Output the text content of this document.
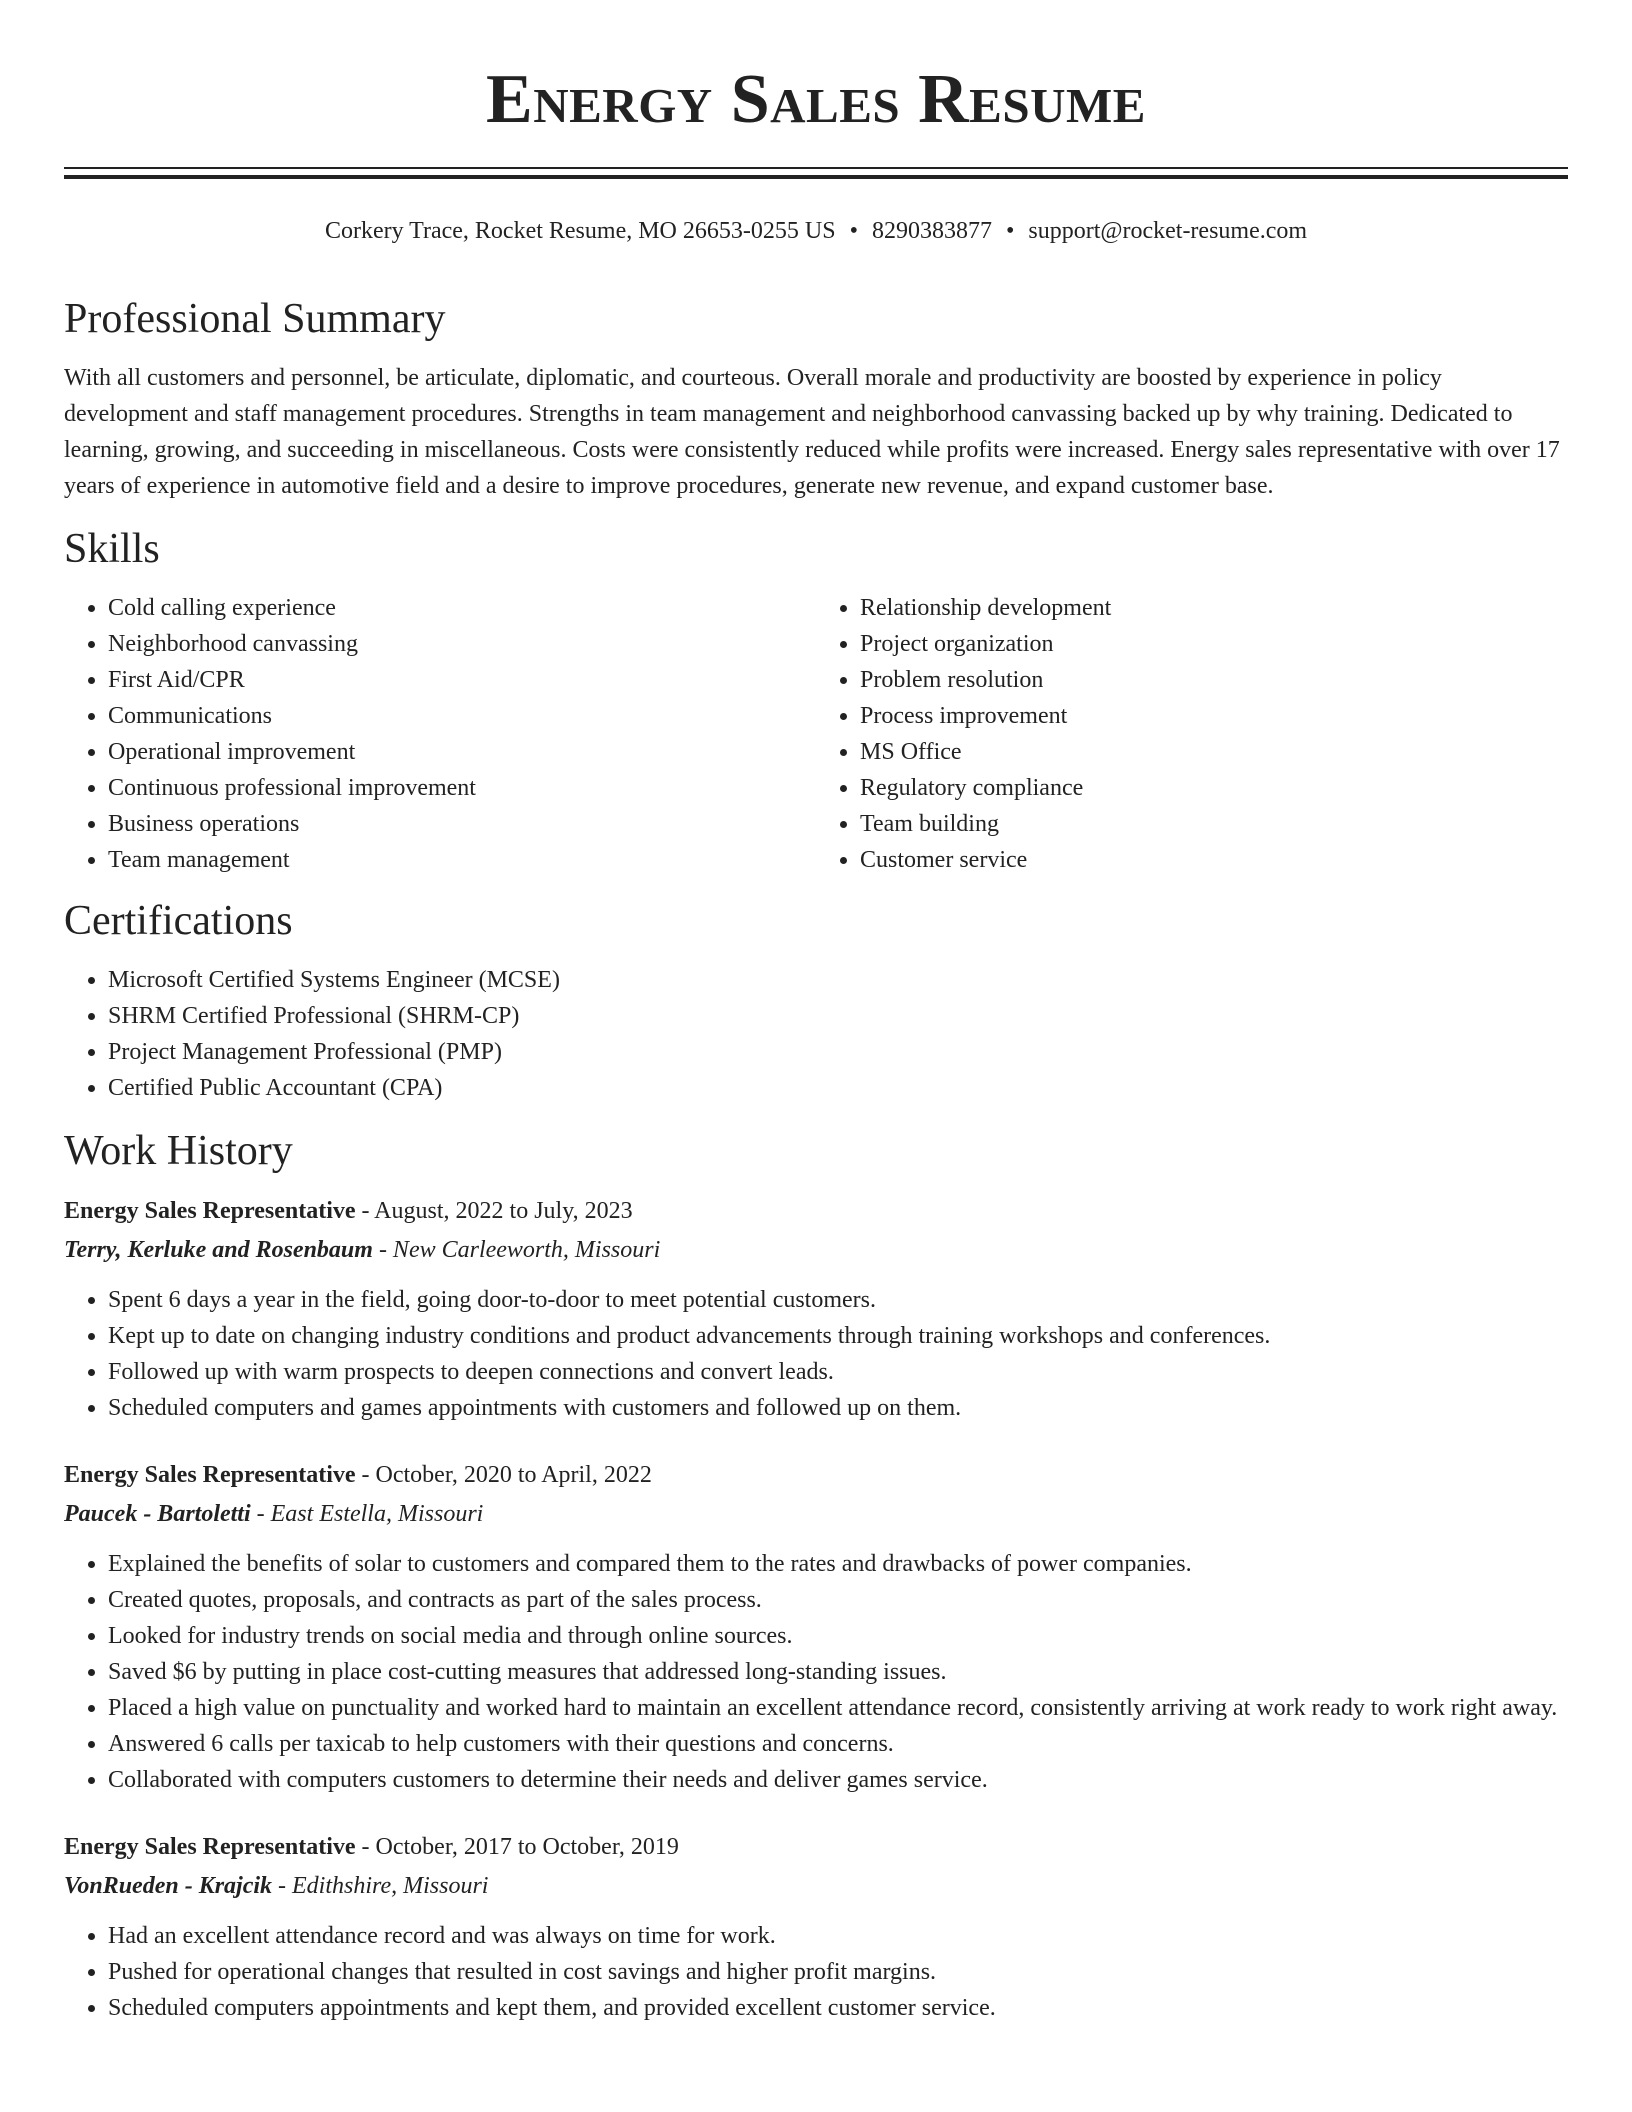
Energy Sales Resume
Corkery Trace, Rocket Resume, MO 26653-0255 US • 8290383877 • support@rocket-resume.com
Professional Summary

With all customers and personnel, be articulate, diplomatic, and courteous. Overall morale and productivity are boosted by experience in policy development and staff management procedures. Strengths in team management and neighborhood canvassing backed up by why training. Dedicated to learning, growing, and succeeding in miscellaneous. Costs were consistently reduced while profits were increased. Energy sales representative with over 17 years of experience in automotive field and a desire to improve procedures, generate new revenue, and expand customer base.

Skills
• Cold calling experience
• Neighborhood canvassing
• First Aid/CPR
• Communications
• Operational improvement
• Continuous professional improvement
• Business operations
• Team management
• Relationship development
• Project organization
• Problem resolution
• Process improvement
• MS Office
• Regulatory compliance
• Team building
• Customer service
Certifications
• Microsoft Certified Systems Engineer (MCSE)
• SHRM Certified Professional (SHRM-CP)
• Project Management Professional (PMP)
• Certified Public Accountant (CPA)
Work History
Energy Sales Representative - August, 2022 to July, 2023
Terry, Kerluke and Rosenbaum - New Carleeworth, Missouri
• Spent 6 days a year in the field, going door-to-door to meet potential customers.
• Kept up to date on changing industry conditions and product advancements through training workshops and conferences.
• Followed up with warm prospects to deepen connections and convert leads.
• Scheduled computers and games appointments with customers and followed up on them.
Energy Sales Representative - October, 2020 to April, 2022
Paucek - Bartoletti - East Estella, Missouri
• Explained the benefits of solar to customers and compared them to the rates and drawbacks of power companies.
• Created quotes, proposals, and contracts as part of the sales process.
• Looked for industry trends on social media and through online sources.
• Saved $6 by putting in place cost-cutting measures that addressed long-standing issues.
• Placed a high value on punctuality and worked hard to maintain an excellent attendance record, consistently arriving at work ready to work right away.
• Answered 6 calls per taxicab to help customers with their questions and concerns.
• Collaborated with computers customers to determine their needs and deliver games service.
Energy Sales Representative - October, 2017 to October, 2019
VonRueden - Krajcik - Edithshire, Missouri
• Had an excellent attendance record and was always on time for work.
• Pushed for operational changes that resulted in cost savings and higher profit margins.
• Scheduled computers appointments and kept them, and provided excellent customer service.
